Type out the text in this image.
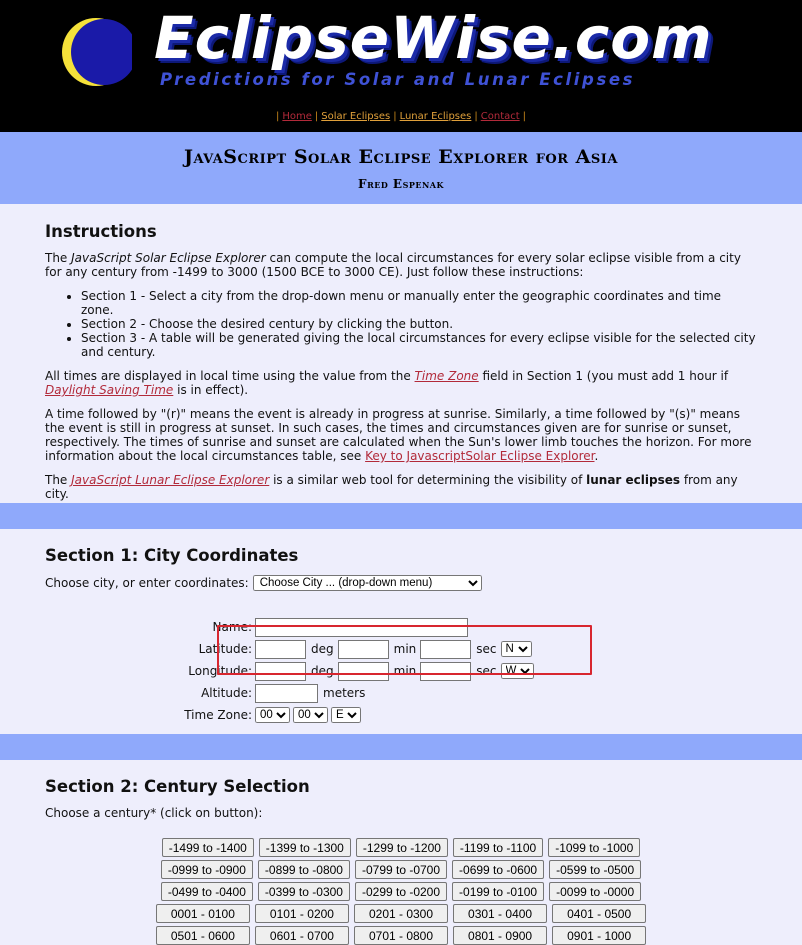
EclipseWise.com
Predictions for Solar and Lunar Eclipses
| Home | Solar Eclipses | Lunar Eclipses | Contact |
JavaScript Solar Eclipse Explorer for Asia
Fred Espenak
Instructions

The JavaScript Solar Eclipse Explorer can compute the local circumstances for every solar eclipse visible from a city for any century from -1499 to 3000 (1500 BCE to 3000 CE). Just follow these instructions:

• Section 1 - Select a city from the drop-down menu or manually enter the geographic coordinates and time zone.
• Section 2 - Choose the desired century by clicking the button.
• Section 3 - A table will be generated giving the local circumstances for every eclipse visible for the selected city and century.

All times are displayed in local time using the value from the Time Zone field in Section 1 (you must add 1 hour if Daylight Saving Time is in effect).

A time followed by "(r)" means the event is already in progress at sunrise. Similarly, a time followed by "(s)" means the event is still in progress at sunset. In such cases, the times and circumstances given are for sunrise or sunset, respectively. The times of sunrise and sunset are calculated when the Sun's lower limb touches the horizon. For more information about the local circumstances table, see Key to JavascriptSolar Eclipse Explorer.

The JavaScript Lunar Eclipse Explorer is a similar web tool for determining the visibility of lunar eclipses from any city.

Section 1: City Coordinates
Choose city, or enter coordinates:
Choose City ... (drop-down menu)
Name:
Latitude:	deg	min	sec
N
Longitude:	deg	min	sec
W
Altitude:	meters
Time Zone:
00
00
E
Section 2: Century Selection

Choose a century* (click on button):

-1499 to -1400	-1399 to -1300	-1299 to -1200	-1199 to -1100	-1099 to -1000
-0999 to -0900	-0899 to -0800	-0799 to -0700	-0699 to -0600	-0599 to -0500
-0499 to -0400	-0399 to -0300	-0299 to -0200	-0199 to -0100	-0099 to -0000
0001 - 0100	0101 - 0200	0201 - 0300	0301 - 0400	0401 - 0500
0501 - 0600	0601 - 0700	0701 - 0800	0801 - 0900	0901 - 1000
